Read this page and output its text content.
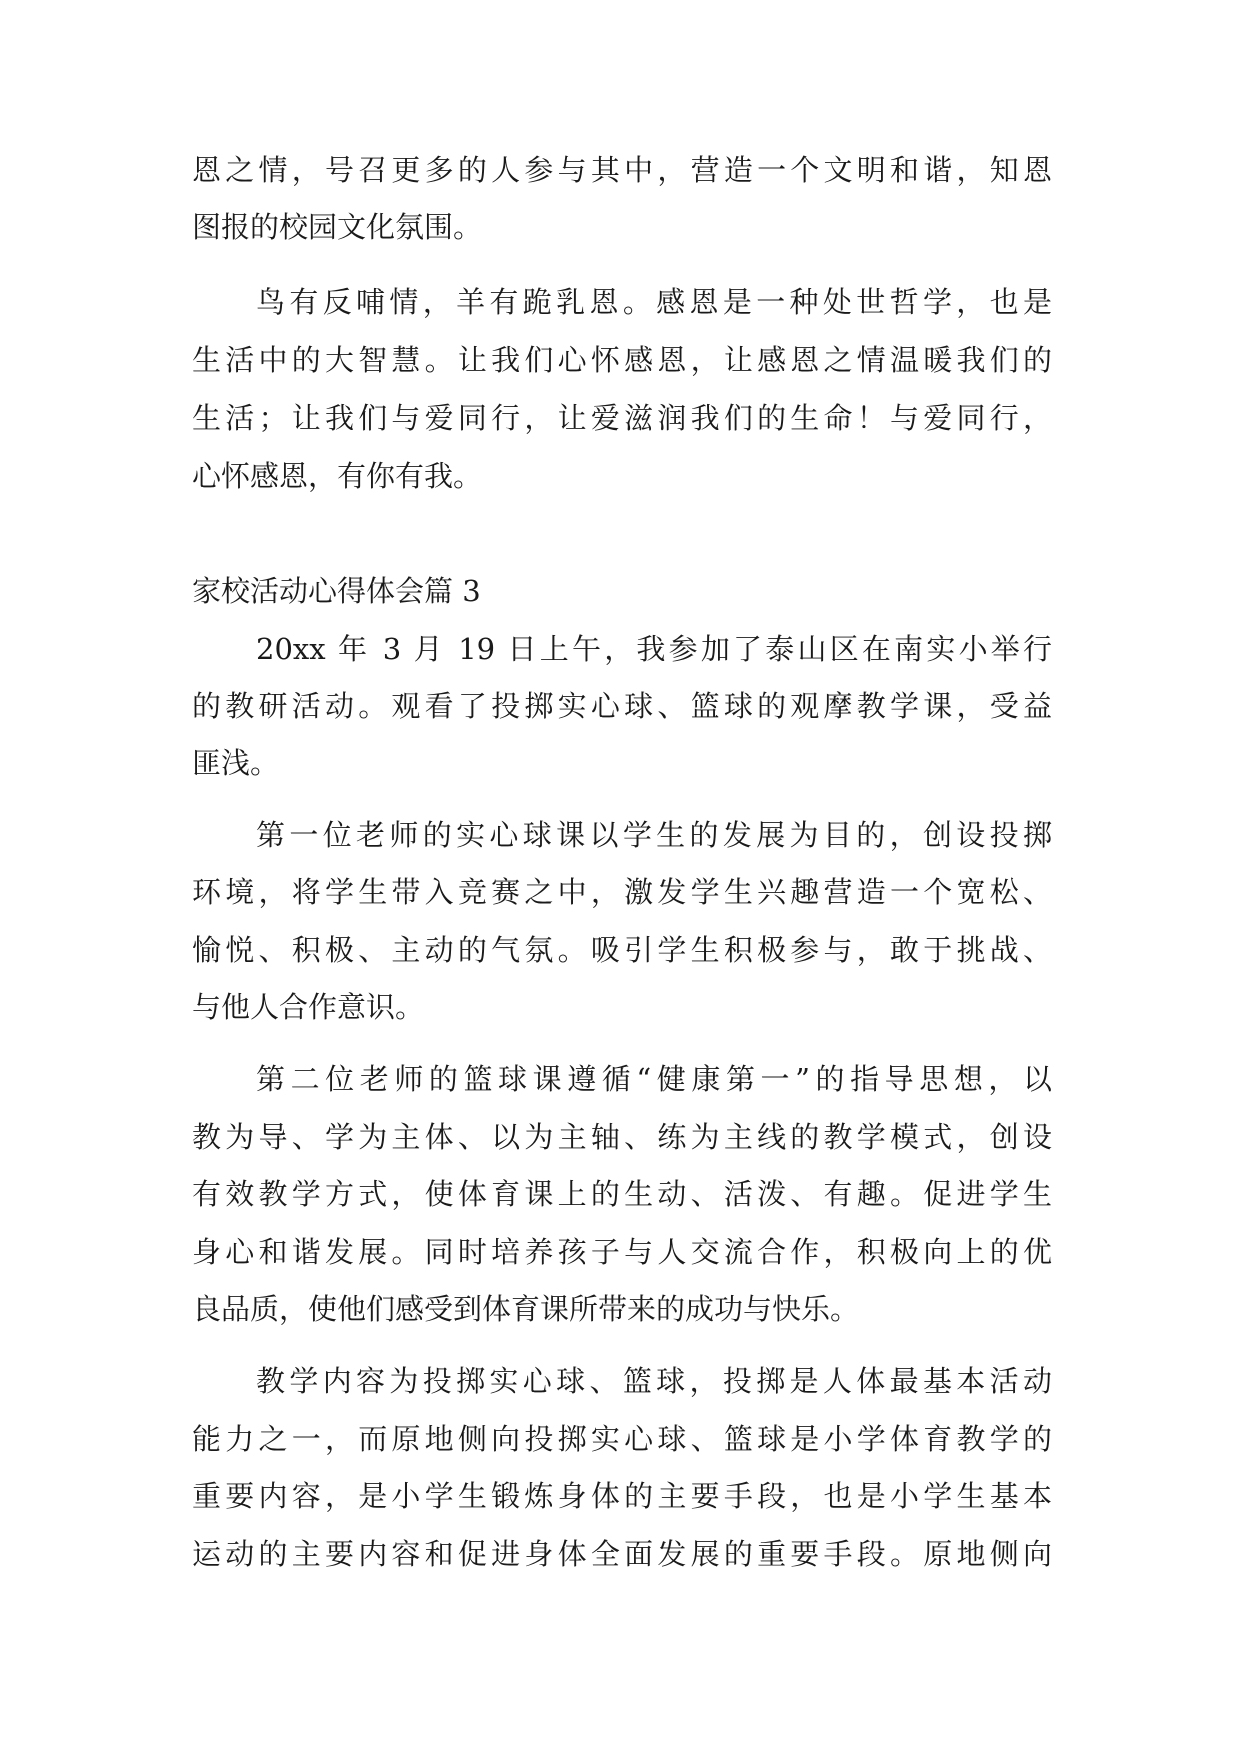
恩之情，号召更多的人参与其中，营造一个文明和谐，知恩
图报的校园文化氛围。
鸟有反哺情，羊有跪乳恩。感恩是一种处世哲学，也是
生活中的大智慧。让我们心怀感恩，让感恩之情温暖我们的
生活；让我们与爱同行，让爱滋润我们的生命！与爱同行，
心怀感恩，有你有我。
家校活动心得体会篇 3
20xx 年 3 月 19 日上午，我参加了泰山区在南实小举行
的教研活动。观看了投掷实心球、篮球的观摩教学课，受益
匪浅。
第一位老师的实心球课以学生的发展为目的，创设投掷
环境，将学生带入竞赛之中，激发学生兴趣营造一个宽松、
愉悦、积极、主动的气氛。吸引学生积极参与，敢于挑战、
与他人合作意识。
第二位老师的篮球课遵循“健康第一”的指导思想，以
教为导、学为主体、以为主轴、练为主线的教学模式，创设
有效教学方式，使体育课上的生动、活泼、有趣。促进学生
身心和谐发展。同时培养孩子与人交流合作，积极向上的优
良品质，使他们感受到体育课所带来的成功与快乐。
教学内容为投掷实心球、篮球，投掷是人体最基本活动
能力之一，而原地侧向投掷实心球、篮球是小学体育教学的
重要内容，是小学生锻炼身体的主要手段，也是小学生基本
运动的主要内容和促进身体全面发展的重要手段。原地侧向
